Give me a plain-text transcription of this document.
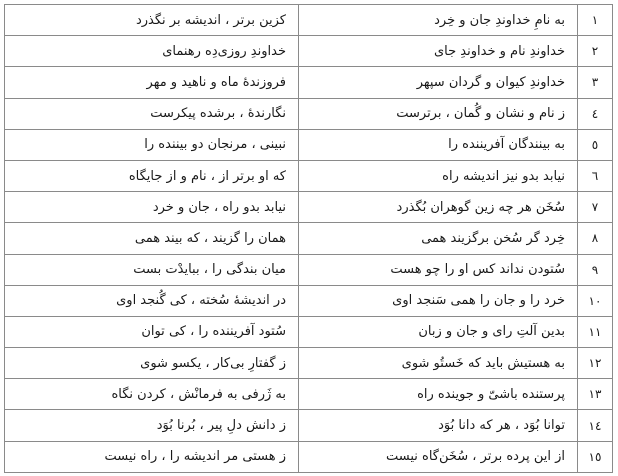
١	به نامِ خداوندِ جان و خِرد	کزین برتر ، اندیشه بر نگذرد
٢	خداوندِ نام و خداوندِ جای	خداوندِ روزی‌دِه رهنمای
٣	خداوندِ کیوان و گردان سپهر	فروزندهٔ ماه و ناهید و مهر
٤	ز نام و نشان و گُمان ، برترست	نگارندهٔ ، برشده پیکرست
٥	به بینندگان آفریننده را	نبینی ، مرنجان دو بیننده را
٦	نیابد بدو نیز اندیشه راه	که او برتر از ، نام و از جایگاه
٧	سُخَن هر چه زین گوهران بُگذرد	نیابد بدو راه ، جان و خرد
٨	خِرد گر سُخن برگزیند همی	همان را گزیند ، که بیند همی
٩	سُتودن نداند کس او را چو هست	میان بندگی را ، ببایدْت بست
١٠	خرد را و جان را همی سَنجد اوی	در اندیشهٔ سُخته ، کی گُنجد اوی
١١	بدین آلتِ رای و جان و زبان	سُتود آفریننده را ، کی توان
١٢	به هستیش باید که خَستُو شوی	ز گفتارِ بی‌کار ، یکسو شوی
١٣	پرستنده باشیّ و جوینده راه	به ژَرفی به فرمانْش ، کردن نگاه
١٤	توانا بُوَد ، هر که دانا بُوَد	ز دانش دلِ پیر ، بُرنا بُوَد
١٥	از این پرده برتر ، سُخَن‌گاه نیست	ز هستی مر اندیشه را ، راه نیست
